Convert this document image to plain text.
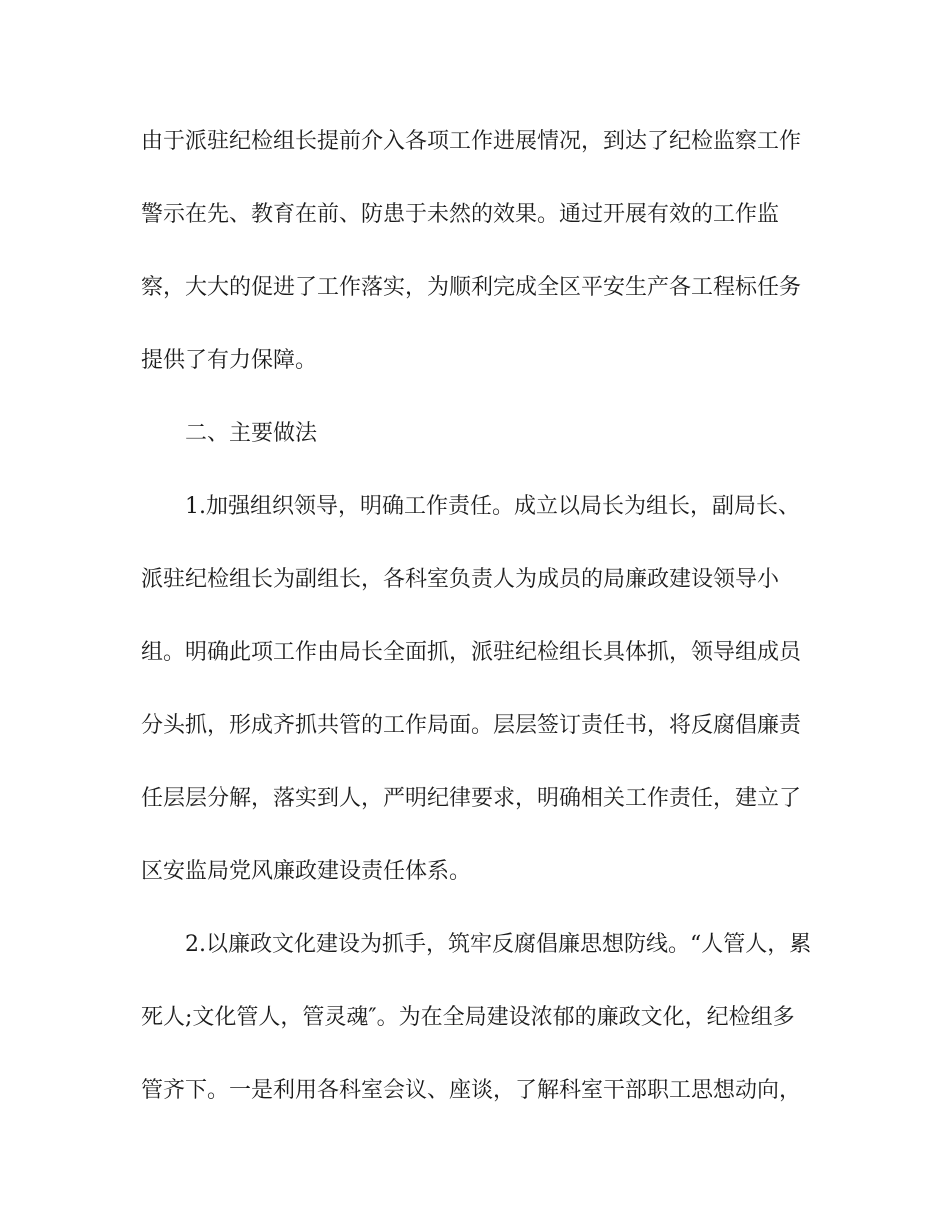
由于派驻纪检组长提前介入各项工作进展情况，到达了纪检监察工作
警示在先、教育在前、防患于未然的效果。通过开展有效的工作监
察，大大的促进了工作落实，为顺利完成全区平安生产各工程标任务
提供了有力保障。
二、主要做法
1.加强组织领导，明确工作责任。成立以局长为组长，副局长、
派驻纪检组长为副组长，各科室负责人为成员的局廉政建设领导小
组。明确此项工作由局长全面抓，派驻纪检组长具体抓，领导组成员
分头抓，形成齐抓共管的工作局面。层层签订责任书，将反腐倡廉责
任层层分解，落实到人，严明纪律要求，明确相关工作责任，建立了
区安监局党风廉政建设责任体系。
2.以廉政文化建设为抓手，筑牢反腐倡廉思想防线。“人管人，累
死人;文化管人，管灵魂″。为在全局建设浓郁的廉政文化，纪检组多
管齐下。一是利用各科室会议、座谈，了解科室干部职工思想动向，
